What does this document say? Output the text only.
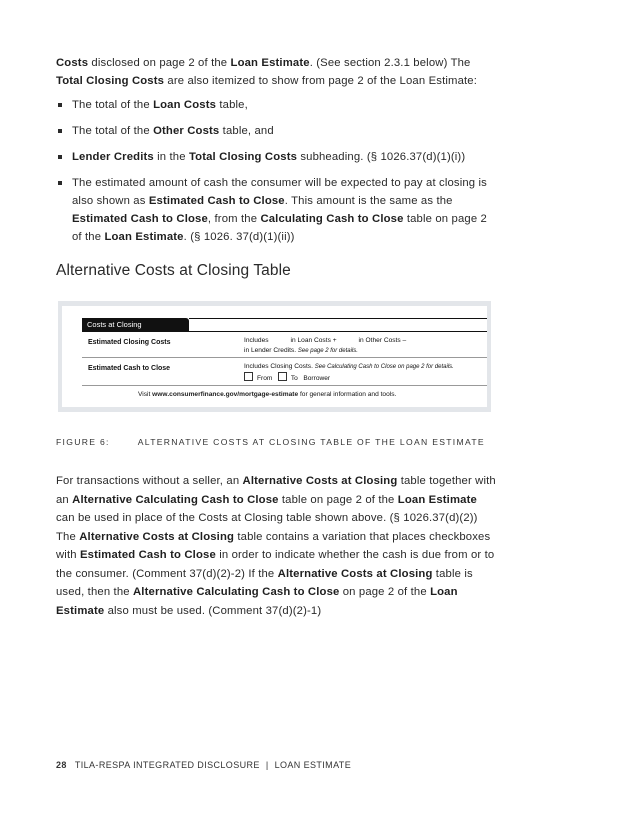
Costs disclosed on page 2 of the Loan Estimate. (See section 2.3.1 below) The Total Closing Costs are also itemized to show from page 2 of the Loan Estimate:

The total of the Loan Costs table,
The total of the Other Costs table, and
Lender Credits in the Total Closing Costs subheading. (§ 1026.37(d)(1)(i))
The estimated amount of cash the consumer will be expected to pay at closing is also shown as Estimated Cash to Close. This amount is the same as the Estimated Cash to Close, from the Calculating Cash to Close table on page 2 of the Loan Estimate. (§ 1026. 37(d)(1)(ii))
Alternative Costs at Closing Table
FIGURE 6:	ALTERNATIVE COSTS AT CLOSING TABLE OF THE LOAN ESTIMATE

For transactions without a seller, an Alternative Costs at Closing table together with an Alternative Calculating Cash to Close table on page 2 of the Loan Estimate can be used in place of the Costs at Closing table shown above. (§ 1026.37(d)(2)) The Alternative Costs at Closing table contains a variation that places checkboxes with Estimated Cash to Close in order to indicate whether the cash is due from or to the consumer. (Comment 37(d)(2)-2) If the Alternative Costs at Closing table is used, then the Alternative Calculating Cash to Close on page 2 of the Loan Estimate also must be used. (Comment 37(d)(2)-1)

28 TILA-RESPA INTEGRATED DISCLOSURE | LOAN ESTIMATE
Costs at Closing
Estimated Closing Costs	Includes            in Loan Costs +            in Other Costs –
in Lender Credits. See page 2 for details.
Estimated Cash to Close	Includes Closing Costs. See Calculating Cash to Close on page 2 for details.
From	To Borrower
Visit www.consumerfinance.gov/mortgage-estimate for general information and tools.
